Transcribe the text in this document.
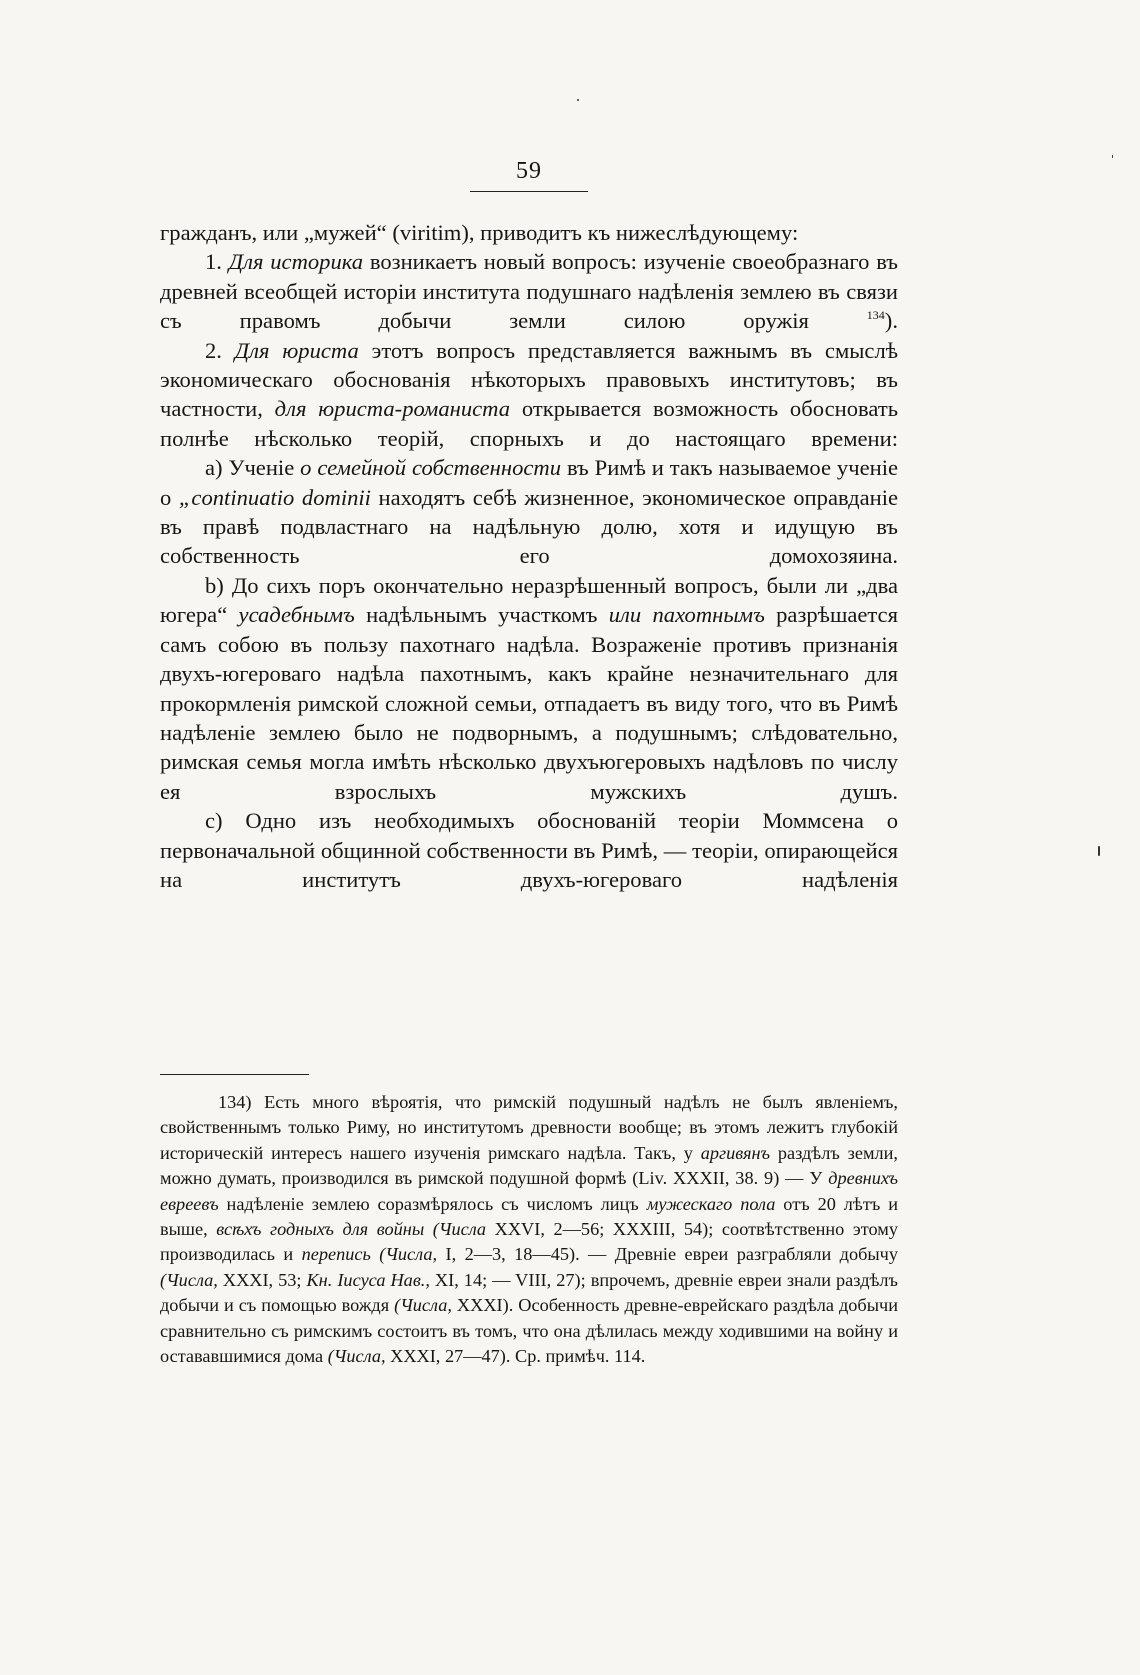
59

гражданъ, или „мужей“ (viritim), приводитъ къ нижеслѣдующему:

1. Для историка возникаетъ новый вопросъ: изученіе своеобразнаго въ древней всеобщей исторіи института подушнаго надѣленія землею въ связи съ правомъ добычи земли силою оружія $^{134}$).

2. Для юриста этотъ вопросъ представляется важнымъ въ смыслѣ экономическаго обоснованія нѣкоторыхъ правовыхъ институтовъ; въ частности, для юриста-романиста открывается возможность обосновать полнѣе нѣсколько теорій, спорныхъ и до настоящаго времени:

a) Ученіе о семейной собственности въ Римѣ и такъ называемое ученіе о „continuatio dominii находятъ себѣ жизненное, экономическое оправданіе въ правѣ подвластнаго на надѣльную долю, хотя и идущую въ собственность его домохозяина.

b) До сихъ поръ окончательно неразрѣшенный вопросъ, были ли „два югера“ усадебнымъ надѣльнымъ участкомъ или пахотнымъ разрѣшается самъ собою въ пользу пахотнаго надѣла. Возраженіе противъ признанія двухъ-югероваго надѣла пахотнымъ, какъ крайне незначительнаго для прокормленія римской сложной семьи, отпадаетъ въ виду того, что въ Римѣ надѣленіе землею было не подворнымъ, а подушнымъ; слѣдовательно, римская семья могла имѣть нѣсколько двухъюгеровыхъ надѣловъ по числу ея взрослыхъ мужскихъ душъ.

c) Одно изъ необходимыхъ обоснованій теоріи Моммсена о первоначальной общинной собственности въ Римѣ, — теоріи, опирающейся на институтъ двухъ-югероваго надѣленія

134) Есть много вѣроятія, что римскій подушный надѣлъ не былъ явленіемъ, свойственнымъ только Риму, но институтомъ древности вообще; въ этомъ лежитъ глубокій историческій интересъ нашего изученія римскаго надѣла. Такъ, у аргивянъ раздѣлъ земли, можно думать, производился въ римской подушной формѣ (Liv. XXXII, 38. 9) — У древнихъ евреевъ надѣленіе землею соразмѣрялось съ числомъ лицъ мужескаго пола отъ 20 лѣтъ и выше, всѣхъ годныхъ для войны (Числа XXVI, 2—56; XXXIII, 54); соотвѣтственно этому производилась и перепись (Числа, I, 2—3, 18—45). — Древніе евреи разграбляли добычу (Числа, XXXI, 53; Кн. Іисуса Нав., XI, 14; — VIII, 27); впрочемъ, древніе евреи знали раздѣлъ добычи и съ помощью вождя (Числа, XXXI). Особенность древне-еврейскаго раздѣла добычи сравнительно съ римскимъ состоитъ въ томъ, что она дѣлилась между ходившими на войну и остававшимися дома (Числа, XXXI, 27—47). Ср. примѣч. 114.
